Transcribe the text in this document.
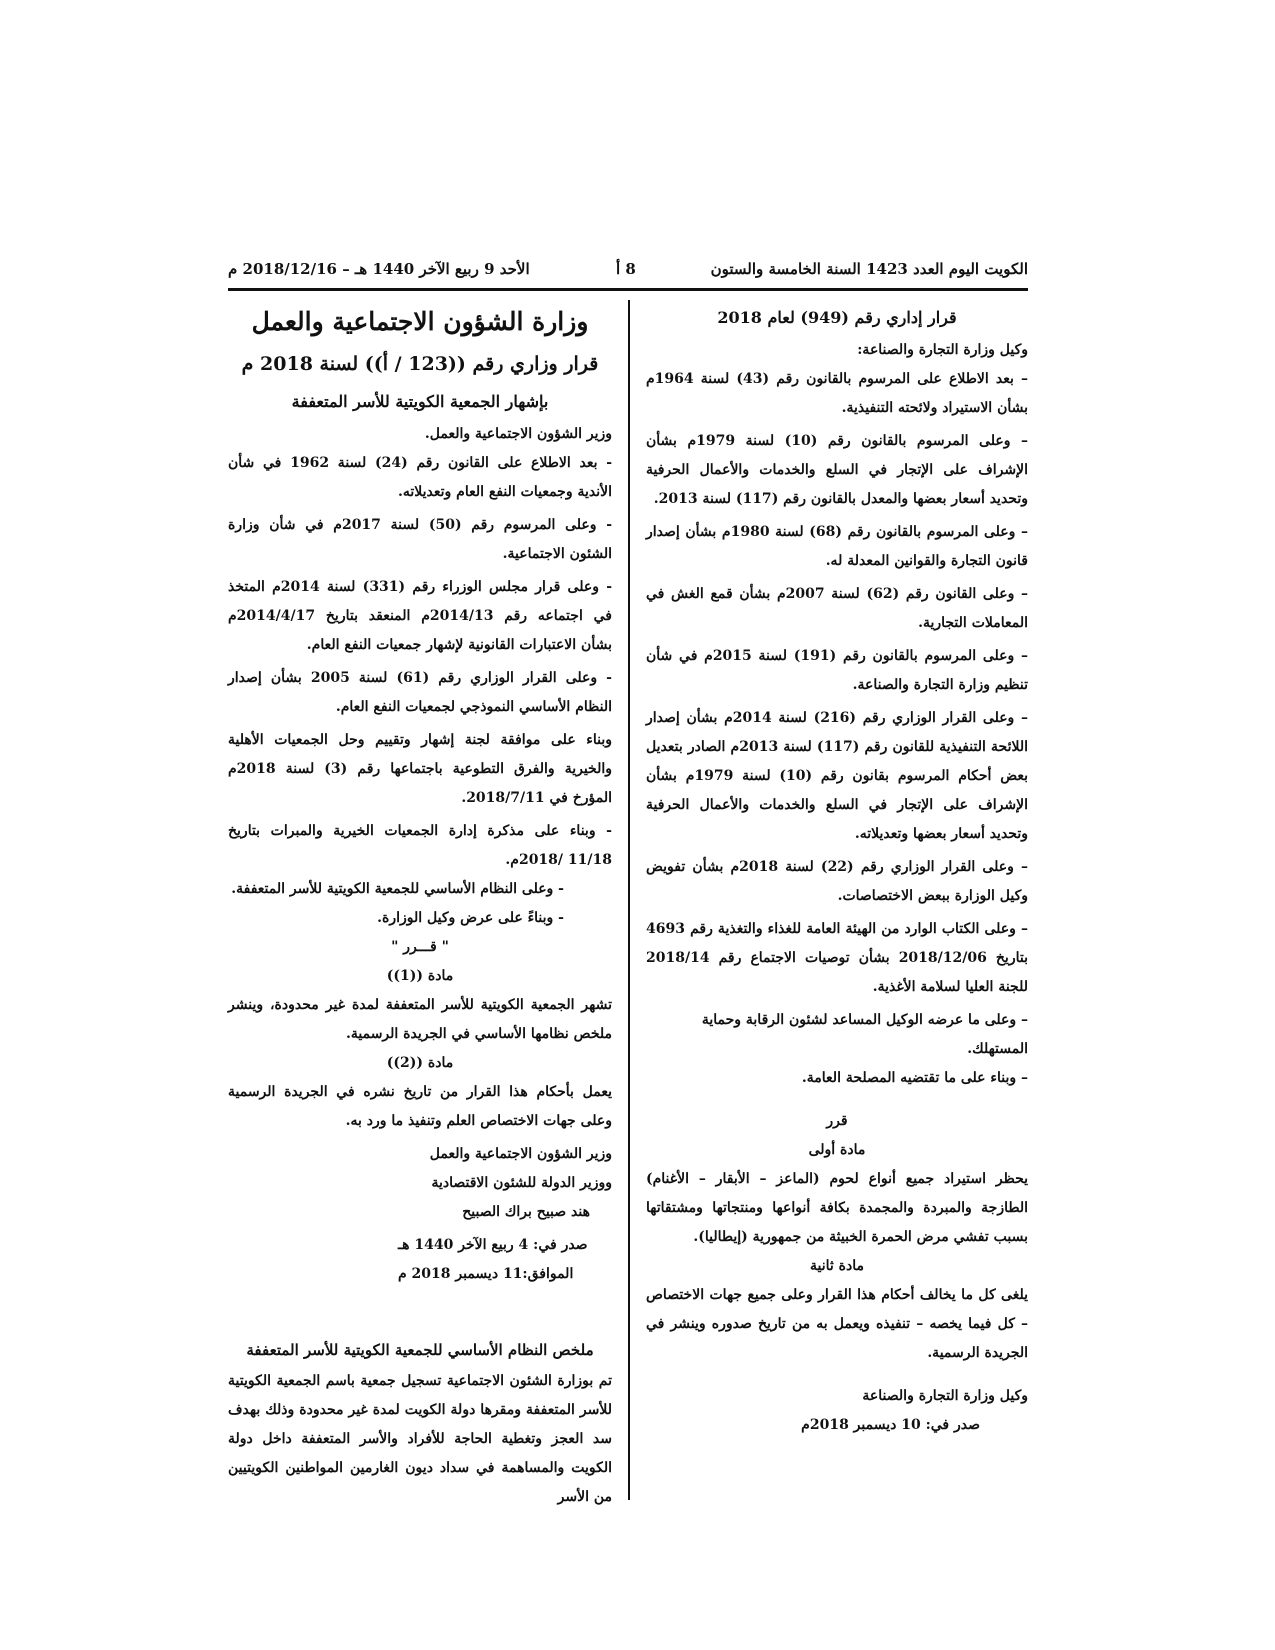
الكويت اليوم العدد 1423 السنة الخامسة والستون
8 أ
الأحد 9 ربيع الآخر 1440 هـ – 2018/12/16 م

قرار إداري رقم (949) لعام 2018

وكيل وزارة التجارة والصناعة:

– بعد الاطلاع على المرسوم بالقانون رقم (43) لسنة 1964م بشأن الاستيراد ولائحته التنفيذية.

– وعلى المرسوم بالقانون رقم (10) لسنة 1979م بشأن الإشراف على الإتجار في السلع والخدمات والأعمال الحرفية وتحديد أسعار بعضها والمعدل بالقانون رقم (117) لسنة 2013.

– وعلى المرسوم بالقانون رقم (68) لسنة 1980م بشأن إصدار قانون التجارة والقوانين المعدلة له.

– وعلى القانون رقم (62) لسنة 2007م بشأن قمع الغش في المعاملات التجارية.

– وعلى المرسوم بالقانون رقم (191) لسنة 2015م في شأن تنظيم وزارة التجارة والصناعة.

– وعلى القرار الوزاري رقم (216) لسنة 2014م بشأن إصدار اللائحة التنفيذية للقانون رقم (117) لسنة 2013م الصادر بتعديل بعض أحكام المرسوم بقانون رقم (10) لسنة 1979م بشأن الإشراف على الإتجار في السلع والخدمات والأعمال الحرفية وتحديد أسعار بعضها وتعديلاته.

– وعلى القرار الوزاري رقم (22) لسنة 2018م بشأن تفويض وكيل الوزارة ببعض الاختصاصات.

– وعلى الكتاب الوارد من الهيئة العامة للغذاء والتغذية رقم 4693 بتاريخ 2018/12/06 بشأن توصيات الاجتماع رقم 2018/14 للجنة العليا لسلامة الأغذية.

– وعلى ما عرضه الوكيل المساعد لشئون الرقابة وحماية المستهلك.

– وبناء على ما تقتضيه المصلحة العامة.

قرر

مادة أولى

يحظر استيراد جميع أنواع لحوم (الماعز – الأبقار – الأغنام) الطازجة والمبردة والمجمدة بكافة أنواعها ومنتجاتها ومشتقاتها بسبب تفشي مرض الحمرة الخبيثة من جمهورية (إيطاليا).

مادة ثانية

يلغى كل ما يخالف أحكام هذا القرار وعلى جميع جهات الاختصاص – كل فيما يخصه – تنفيذه ويعمل به من تاريخ صدوره وينشر في الجريدة الرسمية.

وكيل وزارة التجارة والصناعة

صدر في: 10 ديسمبر 2018م

وزارة الشؤون الاجتماعية والعمل

قرار وزاري رقم ((123 / أ)) لسنة 2018 م

بإشهار الجمعية الكويتية للأسر المتعففة

وزير الشؤون الاجتماعية والعمل.

- بعد الاطلاع على القانون رقم (24) لسنة 1962 في شأن الأندية وجمعيات النفع العام وتعديلاته.

- وعلى المرسوم رقم (50) لسنة 2017م في شأن وزارة الشئون الاجتماعية.

- وعلى قرار مجلس الوزراء رقم (331) لسنة 2014م المتخذ في اجتماعه رقم 2014/13م المنعقد بتاريخ 2014/4/17م بشأن الاعتبارات القانونية لإشهار جمعيات النفع العام.

- وعلى القرار الوزاري رقم (61) لسنة 2005 بشأن إصدار النظام الأساسي النموذجي لجمعيات النفع العام.

وبناء على موافقة لجنة إشهار وتقييم وحل الجمعيات الأهلية والخيرية والفرق التطوعية باجتماعها رقم (3) لسنة 2018م المؤرخ في 2018/7/11.

- وبناء على مذكرة إدارة الجمعيات الخيرية والمبرات بتاريخ 11/18 /2018م.

- وعلى النظام الأساسي للجمعية الكويتية للأسر المتعففة.

- وبناءً على عرض وكيل الوزارة.

" قـــرر "

مادة ((1))

تشهر الجمعية الكويتية للأسر المتعففة لمدة غير محدودة، وينشر ملخص نظامها الأساسي في الجريدة الرسمية.

مادة ((2))

يعمل بأحكام هذا القرار من تاريخ نشره في الجريدة الرسمية وعلى جهات الاختصاص العلم وتنفيذ ما ورد به.

وزير الشؤون الاجتماعية والعمل

ووزير الدولة للشئون الاقتصادية

هند صبيح براك الصبيح

صدر في: 4 ربيع الآخر 1440 هـ

الموافق:11 ديسمبر 2018 م

ملخص النظام الأساسي للجمعية الكويتية للأسر المتعففة

تم بوزارة الشئون الاجتماعية تسجيل جمعية باسم الجمعية الكويتية للأسر المتعففة ومقرها دولة الكويت لمدة غير محدودة وذلك بهدف سد العجز وتغطية الحاجة للأفراد والأسر المتعففة داخل دولة الكويت والمساهمة في سداد ديون الغارمين المواطنين الكويتيين من الأسر
